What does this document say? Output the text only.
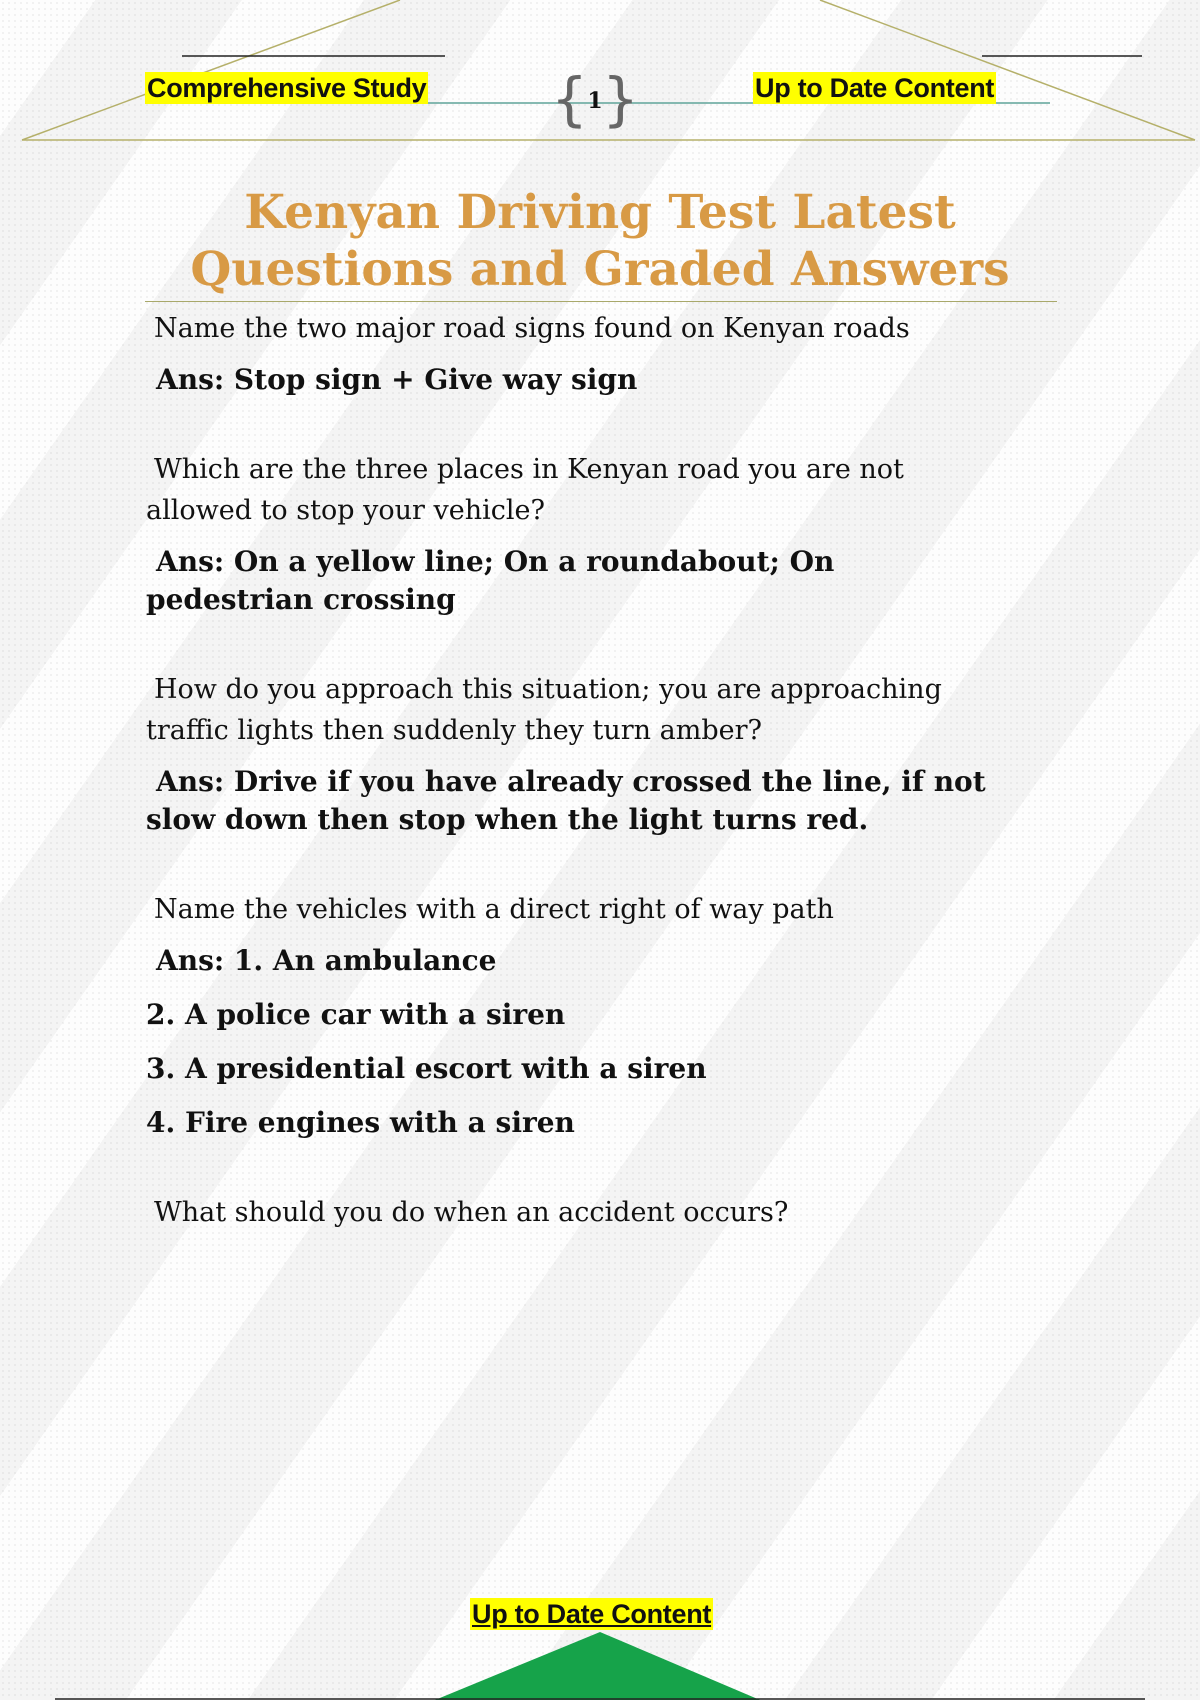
Comprehensive Study { 1 }	Up to Date Content
Kenyan Driving Test Latest
Questions and Graded Answers

Name the two major road signs found on Kenyan roads

Ans: Stop sign + Give way sign

Which are the three places in Kenyan road you are not
allowed to stop your vehicle?

Ans: On a yellow line; On a roundabout; On
pedestrian crossing

How do you approach this situation; you are approaching
traffic lights then suddenly they turn amber?

Ans: Drive if you have already crossed the line, if not
slow down then stop when the light turns red.

Name the vehicles with a direct right of way path

Ans: 1. An ambulance

2. A police car with a siren

3. A presidential escort with a siren

4. Fire engines with a siren

What should you do when an accident occurs?

Up to Date Content
